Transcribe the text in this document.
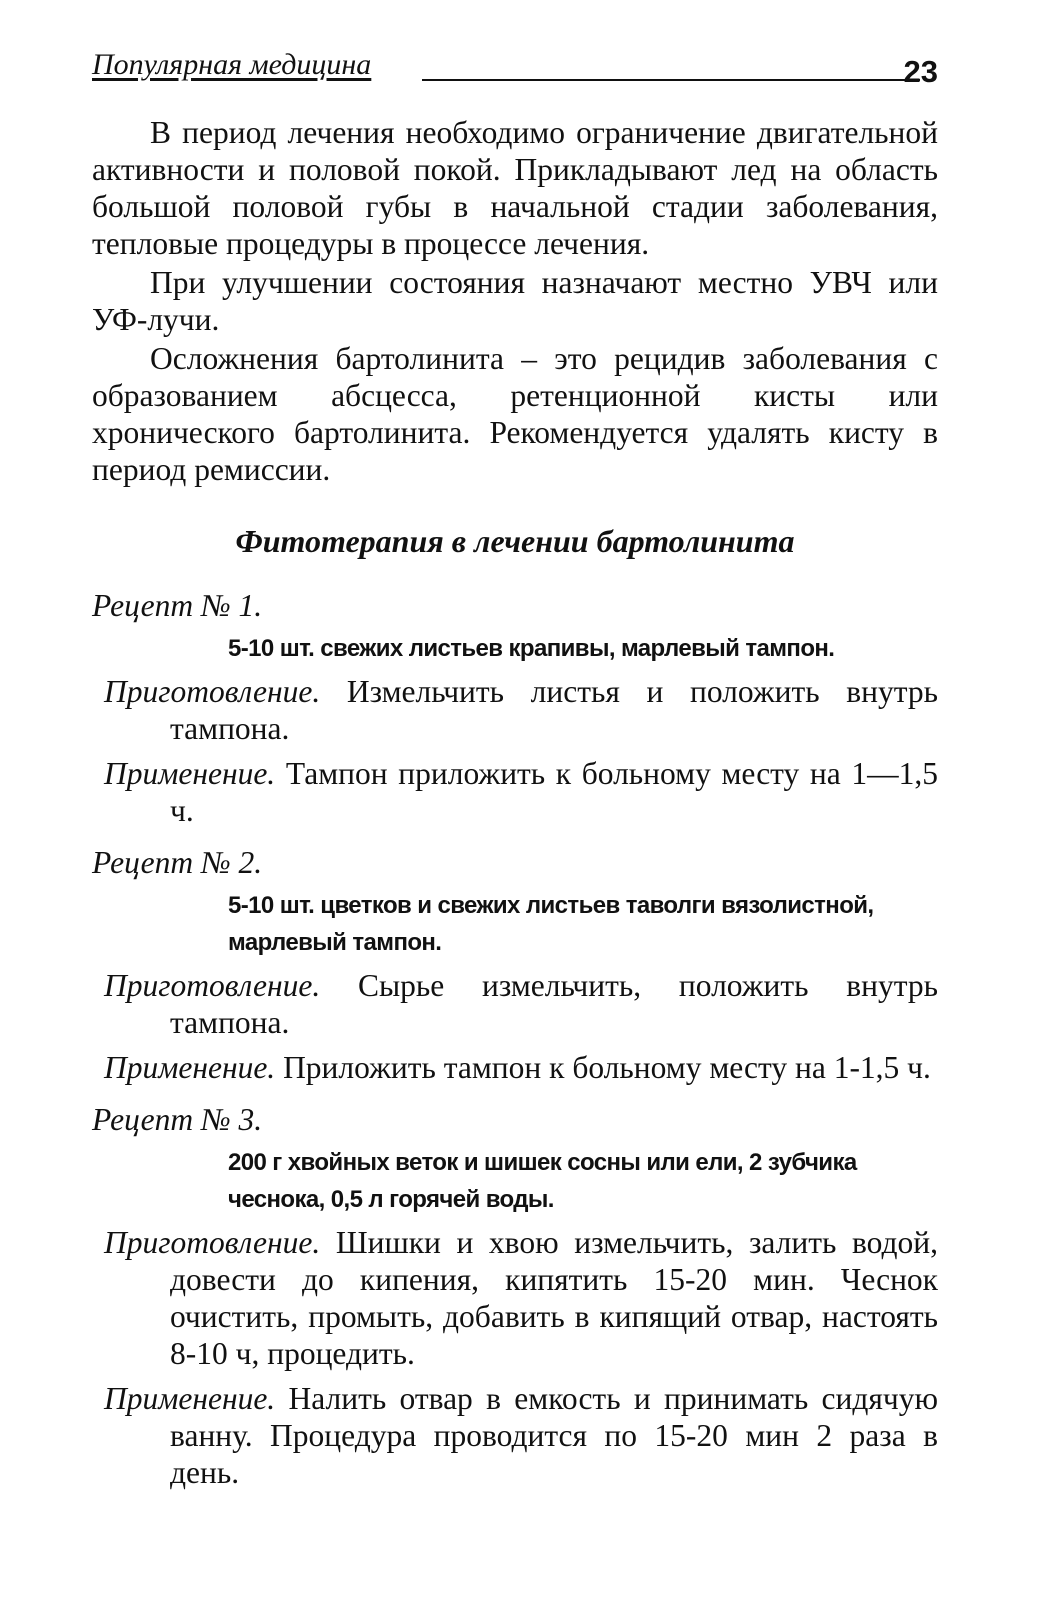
Популярная медицина	23

В период лечения необходимо ограничение двигательной активности и половой покой. Прикладывают лед на область большой половой губы в начальной стадии заболевания, тепловые процедуры в процессе лечения.

При улучшении состояния назначают местно УВЧ или УФ-лучи.

Осложнения бартолинита – это рецидив заболевания с образованием абсцесса, ретенционной кисты или хронического бартолинита. Рекомендуется удалять кисту в период ремиссии.

Фитотерапия в лечении бартолинита
Рецепт № 1.
5-10 шт. свежих листьев крапивы, марлевый тампон.

Приготовление. Измельчить листья и положить внутрь тампона.

Применение. Тампон приложить к больному месту на 1—1,5 ч.

Рецепт № 2.
5-10 шт. цветков и свежих листьев таволги вязолистной, марлевый тампон.

Приготовление. Сырье измельчить, положить внутрь тампона.

Применение. Приложить тампон к больному месту на 1-1,5 ч.

Рецепт № 3.
200 г хвойных веток и шишек сосны или ели, 2 зубчика чеснока, 0,5 л горячей воды.

Приготовление. Шишки и хвою измельчить, залить водой, довести до кипения, кипятить 15-20 мин. Чеснок очистить, промыть, добавить в кипящий отвар, настоять 8-10 ч, процедить.

Применение. Налить отвар в емкость и принимать сидячую ванну. Процедура проводится по 15-20 мин 2 раза в день.
